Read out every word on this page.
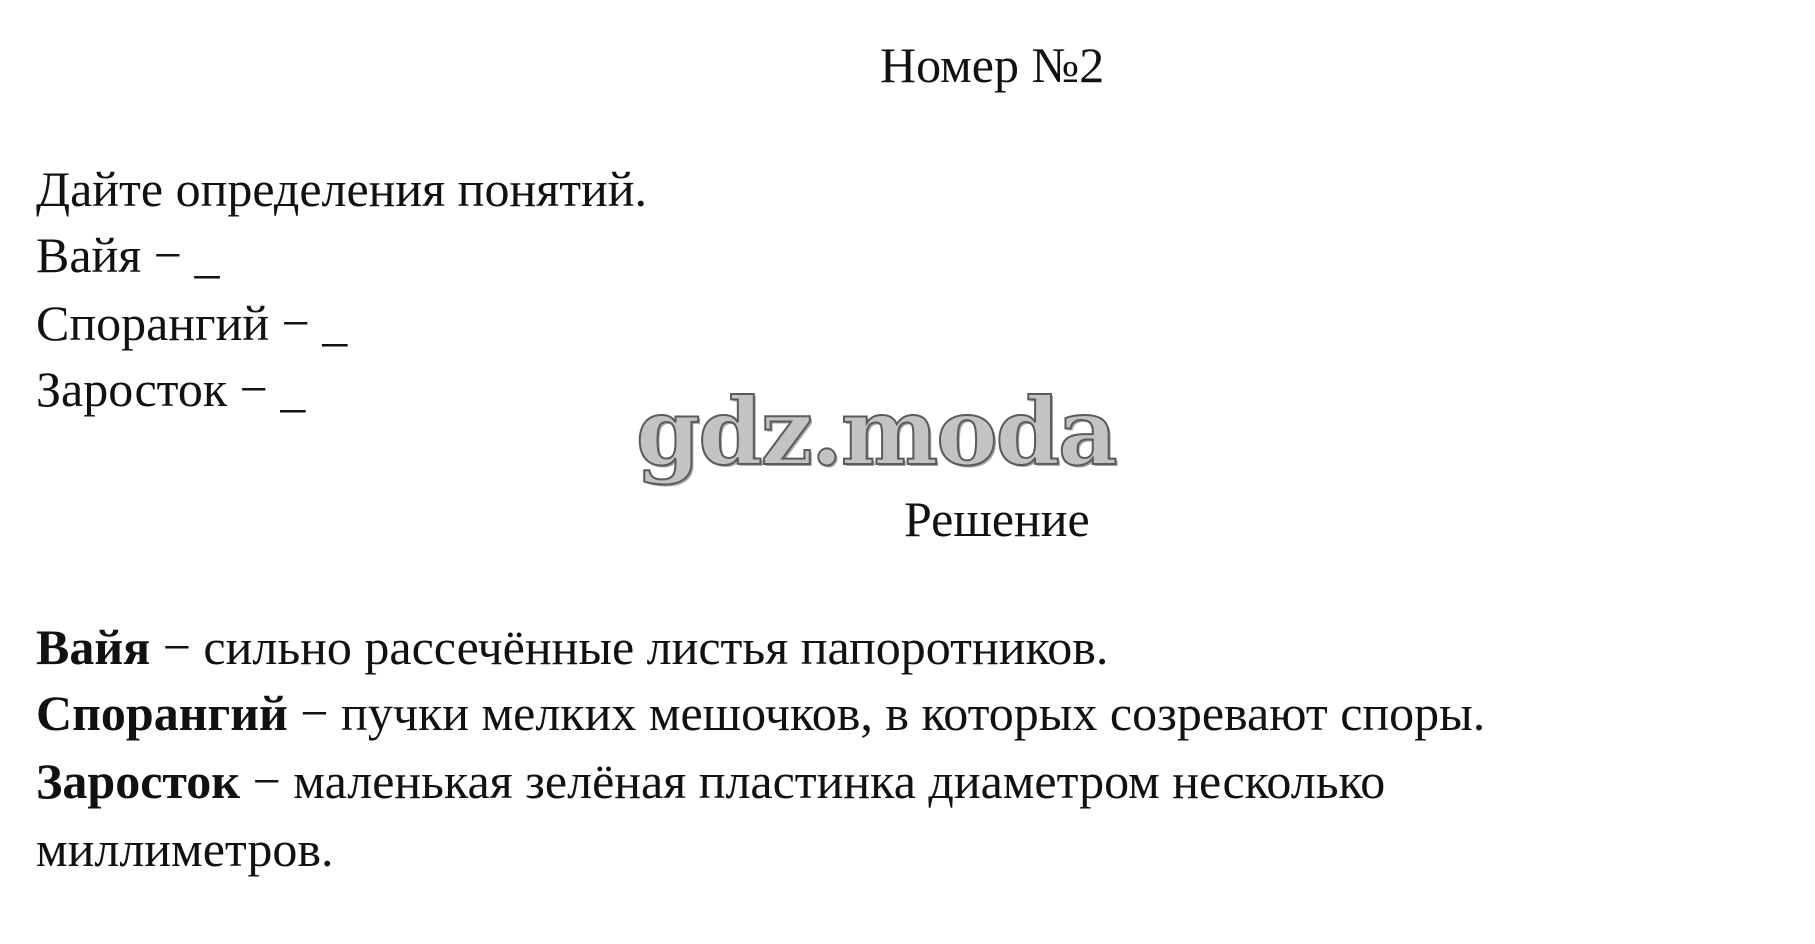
Номер №2
Дайте определения понятий.
Вайя − _
Спорангий − _
Заросток − _	gdz.moda
Решение
Вайя − сильно рассечённые листья папоротников.
Спорангий − пучки мелких мешочков, в которых созревают споры.
Заросток − маленькая зелёная пластинка диаметром несколько
миллиметров.
